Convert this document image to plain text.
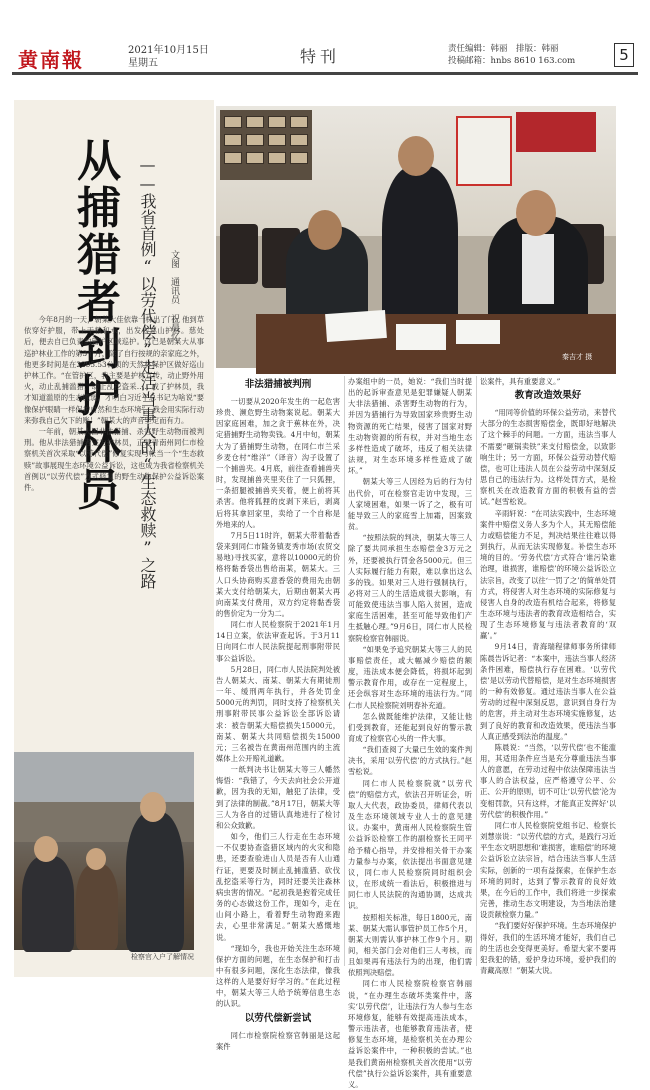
黄南報	2021年10月15日
星期五	特刊	责任编辑：韩丽　排版：韩丽
投稿邮箱：hnbs 8610 163.com	5
从捕猎者到护林员 ——我省首例“以劳代偿”走活当事人的“生态救赎”之路	文图　通讯员 祝晨忆

今年8月的一天，朝某大佳依靠一株出了门。他到草依穿好护服，带上干粮和水，出发去巡山护林。慈处后，便去自已负责的管护区域巡护。这已是朝某大从事巡护林业工作的第3个月，除了自行按规的亲家庭之外，他更多时间是在2295.53公顷的天然林保护区做好巡山护林工作。“在管护区，我主要是护林宣传，动止野外用火，动止乱捕滥猎，动止乱挖盗采……成了护林员，我才知道滥原的生态脆弱，才明白习近平总书记为啥说“要像保护眼睛一样保护自然和生态环境”。我会用实际行动来弥我自己欠下的账！”朝某大的声音坚定而有力。

一年前，朝某大因非法猎捕、杀害野生动物而被判刑。他从非法猎捕者完为护林员，正是青南州同仁市检察机关首次采取“以劳代偿”修复实现与帐当一个“生态救赎”故事展现生态环境公益诉讼，这也成为我省检察机关首例以“以劳代偿”方式修复的野生动物保护公益诉讼案件。

检察官入户了解情况
秦吉才 摄
非法猎捕被判刑

一切要从2020年发生的一起危害珍贵、濒危野生动物案说起。朝某大因家庭困难，加之贪于蕉林在外，决定猎捕野生动物卖钱。4月中旬，朝某大为了猎捕野生动物，在同仁市兰采乡麦仓村“维洋”（译音）沟子设置了一个捕兽夹。4月底，前往查看捕兽夹时，发现捕兽夹里夹住了一只狐狸，一条招腿被捕兽夹夹着，便上前将其杀害。他将狐狸的皮剥下来后，剥离后将其拿回家里，卖给了一个自称是外地来的人。

7月5日11时许，朝某大带着黏香袋来到同仁市隆务镇麦秀市场(农贸交易地)寻找买家，意将以10000元的价格将黏香袋出售给南某，朝某大。三人口头协商购买意香袋的费用先由朝某大支付给朝某大，后期由朝某大再向南某支付费用，双方约定将黏香袋的售价定为一分为二。

同仁市人民检察院于2021年1月14日立案，依法审查起诉。于3月11日向同仁市人民法院提起刑事附带民事公益诉讼。

5月28日，同仁市人民法院判处被告人朝某大、南某、朝某大有期徒刑一年、缓刑两年执行，并各处罚金5000元的判罚，同时支持了检察机关刑事附带民事公益诉讼全部诉讼请求：被告朝某大赔偿损失15000元，南某、朝某大共同赔偿损失15000元；三名被告在黄南州范围内的主流媒体上公开赔礼道歉。

一纸判决书让朝某大等三人幡然悔悟：“我错了，今天去向社会公开道歉，因为我的无知，触犯了法律，受到了法律的制裁。”8月17日，朝某大等三人为各自的过错认真地进行了检讨和公众致歉。

如今，他们三人行走在生态环境一不仅要协查盗猎区域内的火灾和隐患，还要查验进山人员是否有人山通行证，更要及时制止乱捕滥猎、砍伐乱挖盗采等行为，同时还要关注森林病虫害的情况。“起初我是抱着完成任务的心态做这份工作，现如今，走在山间小路上，看着野生动物跑来跑去，心里非常满足。”朝某大感慨地说。

“现如今，我也开始关注生态环境保护方面的问题，在生态保护和打击中有很多问题，深化生态法律，像我这样的人是要好好学习的。”在此过程中，朝某大等三人给予统筹信息生态的认识。

以劳代偿新尝试

同仁市检察院检察官韩丽是这起案件

办案组中的一员，她说：“我们当时提出的起诉审查意见是犯罪嫌疑人朝某大非法猎捕、杀害野生动物的行为，并因为猎捕行为导致国家珍贵野生动物资源的死亡结果，侵害了国家对野生动物资源的所有权，并对当地生态多样性造成了破坏，违反了相关法律法规，对生态环境多样性造成了破坏。”

朝某大等三人因经为后的行为付出代价，可在检察官走访中发现，三人家境困难，如果一诉了之，极有可能导致三人的家庭雪上加霜，因案致贫。

“按照法院的判决，朝某大等三人除了要共同承担生态赔偿金3万元之外，还要被执行罚金各5000元。但三人实际履行能力有限，难以拿出这么多的钱。如果对三人进行强制执行，必将对三人的生活造成很大影响，有可能致使违法当事人陷入贫困，造成家庭生活困难，甚至可能导致他们产生抵触心理。”9月6日，同仁市人民检察院检察官韩丽说。

“如果免予追究朝某大等三人的民事赔偿责任，或大幅减少赔偿的额度，违法成本便会降低，将损坏起到警示教育作用，或存在一定程度上，还会纵容对生态环境的违法行为。”同仁市人民检察院刘明春补充道。

怎么做既能维护法律，又能让他们受到教育，还能起到良好的警示教育成了检察官心头的一件大事。

“我们查阅了大量已生效的案件判决书，采用‘以劳代偿’的方式执行。”赵雪松说。

同仁市人民检察院就“以劳代偿”的赔偿方式，依法召开听证会，听取人大代表，政协委员，律师代表以及生态环境领域专业人士的意见建议。办案中，黄南州人民检察院生管公益诉讼检察工作的副检察长王同平给予精心指导，并安排相关骨干办案力量参与办案，依法提出书面意见建议，同仁市人民检察院同时组织会议，在形成统一看法后，积极推进与同仁市人民法院的沟通协调，达成共识。

按照相关标准，每日1800元，南某、朝某大需认事管护员工作5个月，朝某大则需认事护林工作9个月。期间，相关部门会对他们三人考核，而且如果再有违法行为的出现，他们需依照判决赔偿。

同仁市人民检察院检察官韩丽说，“在办理生态破坏类案件中，落实‘以劳代偿’，让违法行为人参与生态环境修复，能够有效提高违法成本，警示违法者，也能够教育违法者，使修复生态环境，是检察机关在办理公益诉讼案件中，一种积极的尝试。”也是我们黄南州检察机关首次使用“以劳代偿”执行公益诉讼案件，具有重要意义。

讼案件，具有重要意义。”

教育改造效果好

“用同等价值的环保公益劳动，来替代大部分的生态损害赔偿金，既即好地解决了这个棘手的问题。一方面，违法当事人不需要“砸锅卖铁”来支付赔偿金，以致影响生计；另一方面，环保公益劳动替代赔偿，也可让违法人员在公益劳动中深刻反思自己的违法行为。这样处罚方式，是检察机关在改造教育方面的积极有益的尝试。”赵雪松说。

辛雨轩说：“在司法实践中，生态环境案件中赔偿义务人多为个人，其无赔偿能力或赔偿能力不足，判决结果往往难以得到执行，从而无法实现修复。补偿生态环境的目的。‘劳务代偿’方式符合‘谁污染谁治理，谁损害，谁赔偿’的环境公益诉讼立法宗旨，改变了以往‘一罚了之’的简单处罚方式，将侵害人对生态环境的实际修复与侵害人自身的改造有机结合起来，将修复生态环境与违法者的教育改造相结合，实现了生态环境修复与违法者教育的‘双赢’。”

9月14日，青海瑞程律师事务所律师陈晨告诉记者：“本案中，违法当事人经济条件困难，赔偿执行存在困难。‘以劳代偿’是以劳动代替赔偿，是对生态环境损害的一种有效修复。通过违法当事人在公益劳动的过程中深刻反思，意识到自身行为的危害，并主动对生态环境实施修复，达到了良好的教育和改造效果，使违法当事人真正感受到法治的温度。”

陈晨说：“当然，‘以劳代偿’也不能滥用，其适用条件应当是充分尊重违法当事人的意愿，在劳动过程中依法保障违法当事人的合法权益，应严格遵守公平、公正、公开的原则，切不可让‘以劳代偿’沦为变相罚款，只有这样，才能真正发挥好‘以劳代偿’的积极作用。”

同仁市人民检察院党组书记、检察长刘慧崇说：“以劳代偿的方式，是践行习近平生态文明思想和‘谁损害，谁赔偿’的环境公益诉讼立法宗旨，结合违法当事人生活实际，创新的一项有益探索，在保护生态环境的同时，达到了警示教育的良好效果，在今后的工作中，我们将进一步探索完善，推动生态文明建设，为当地法治建设贡献检察力量。”

“我们要好好保护环境。生态环境保护得好，我们的生活环境才能好，我们自己的生活也会变得更美好。希望大家不要再犯我犯的错，爱护身边环境，爱护我们的青藏高原！”朝某大说。
